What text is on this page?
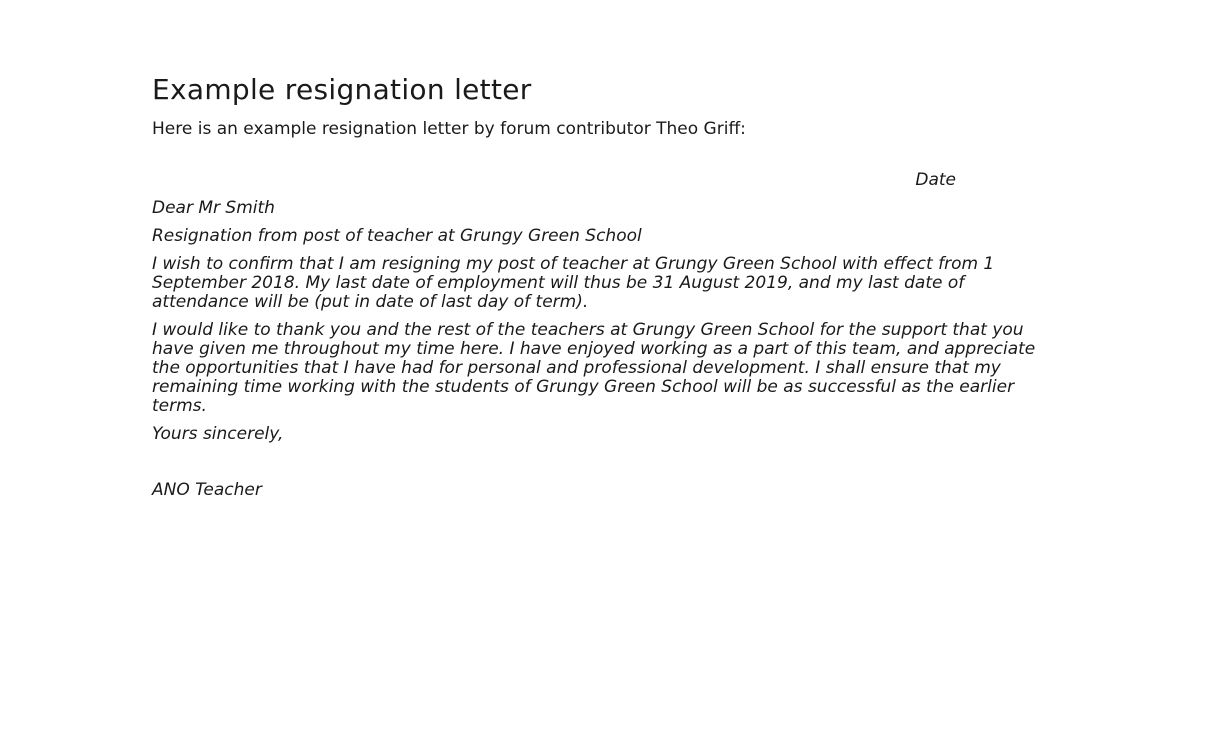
Example resignation letter

Here is an example resignation letter by forum contributor Theo Griff:

Date

Dear Mr Smith

Resignation from post of teacher at Grungy Green School

I wish to confirm that I am resigning my post of teacher at Grungy Green School with effect from 1 September 2018. My last date of employment will thus be 31 August 2019, and my last date of attendance will be (put in date of last day of term).

I would like to thank you and the rest of the teachers at Grungy Green School for the support that you have given me throughout my time here. I have enjoyed working as a part of this team, and appreciate the opportunities that I have had for personal and professional development. I shall ensure that my remaining time working with the students of Grungy Green School will be as successful as the earlier terms.

Yours sincerely,

ANO Teacher
